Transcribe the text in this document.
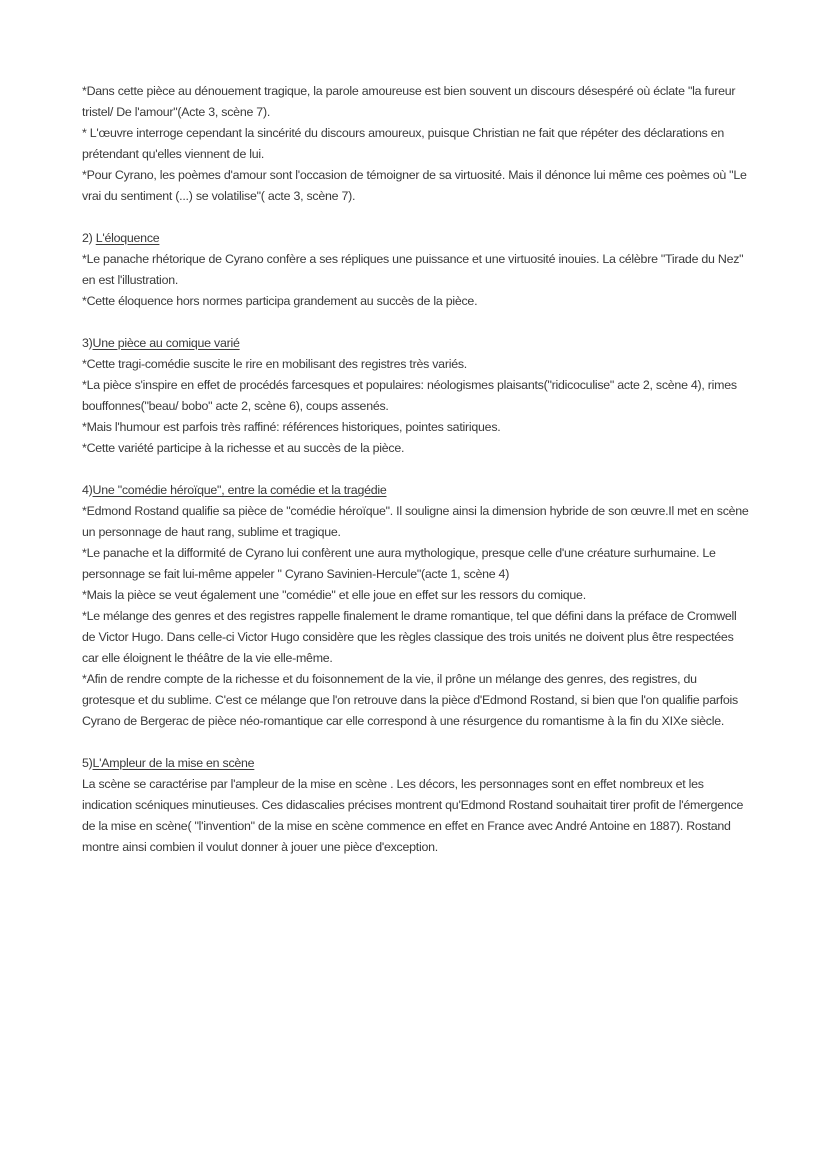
*Dans cette pièce au dénouement tragique, la parole amoureuse est bien souvent un discours désespéré où éclate "la fureur tristel/ De l'amour"(Acte 3, scène 7).

* L'œuvre interroge cependant la sincérité du discours amoureux, puisque Christian ne fait que répéter des déclarations en prétendant qu'elles viennent de lui.

*Pour Cyrano, les poèmes d'amour sont l'occasion de témoigner de sa virtuosité. Mais il dénonce lui même ces poèmes où "Le vrai du sentiment (...) se volatilise"( acte 3, scène 7).

2) L'éloquence

*Le panache rhétorique de Cyrano confère a ses répliques une puissance et une virtuosité inouies. La célèbre "Tirade du Nez" en est l'illustration.

*Cette éloquence hors normes participa grandement au succès de la pièce.

3)Une pièce au comique varié

*Cette tragi-comédie suscite le rire en mobilisant des registres très variés.

*La pièce s'inspire en effet de procédés farcesques et populaires: néologismes plaisants("ridicoculise" acte 2, scène 4), rimes bouffonnes("beau/ bobo" acte 2, scène 6), coups assenés.

*Mais l'humour est parfois très raffiné: références historiques, pointes satiriques.

*Cette variété participe à la richesse et au succès de la pièce.

4)Une "comédie héroïque", entre la comédie et la tragédie

*Edmond Rostand qualifie sa pièce de "comédie héroïque". Il souligne ainsi la dimension hybride de son œuvre.Il met en scène un personnage de haut rang, sublime et tragique.

*Le panache et la difformité de Cyrano lui confèrent une aura mythologique, presque celle d'une créature surhumaine. Le personnage se fait lui-même appeler " Cyrano Savinien-Hercule"(acte 1, scène 4)

*Mais la pièce se veut également une "comédie" et elle joue en effet sur les ressors du comique.

*Le mélange des genres et des registres rappelle finalement le drame romantique, tel que défini dans la préface de Cromwell de Victor Hugo. Dans celle-ci Victor Hugo considère que les règles classique des trois unités ne doivent plus être respectées car elle éloignent le théâtre de la vie elle-même.

*Afin de rendre compte de la richesse et du foisonnement de la vie, il prône un mélange des genres, des registres, du grotesque et du sublime. C'est ce mélange que l'on retrouve dans la pièce d'Edmond Rostand, si bien que l'on qualifie parfois Cyrano de Bergerac de pièce néo-romantique car elle correspond à une résurgence du romantisme à la fin du XIXe siècle.

5)L'Ampleur de la mise en scène

La scène se caractérise par l'ampleur de la mise en scène . Les décors, les personnages sont en effet nombreux et les indication scéniques minutieuses. Ces didascalies précises montrent qu'Edmond Rostand souhaitait tirer profit de l'émergence de la mise en scène( "l'invention" de la mise en scène commence en effet en France avec André Antoine en 1887). Rostand montre ainsi combien il voulut donner à jouer une pièce d'exception.
